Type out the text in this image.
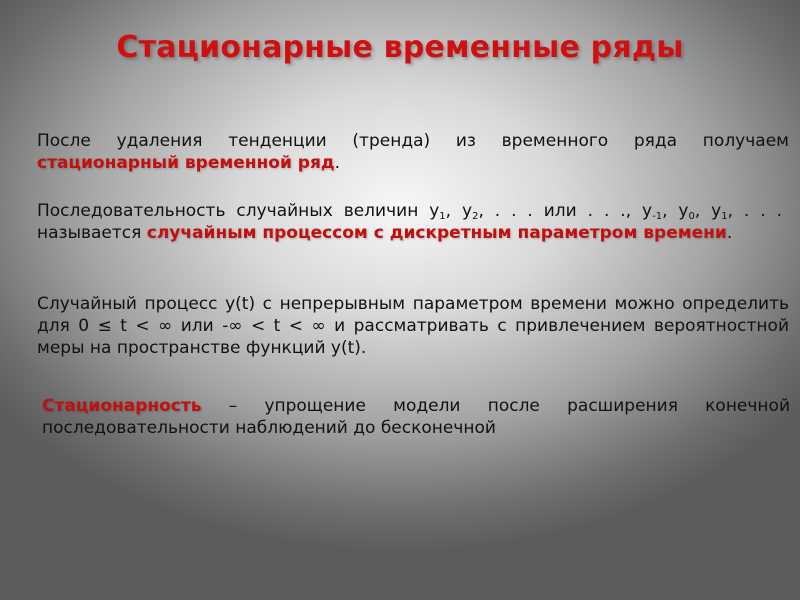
Стационарные временные ряды

После удаления тенденции (тренда) из временного ряда получаем стационарный временной ряд.

Последовательность случайных величин $y_1$, $y_2$, . . . или . . ., $y_{-1}$, $y_0$, $y_1$, . . . называется случайным процессом с дискретным параметром времени.

Случайный процесс y(t) с непрерывным параметром времени можно определить для 0 ≤ t < ∞ или -∞ < t < ∞ и рассматривать с привлечением вероятностной меры на пространстве функций y(t).

Стационарность – упрощение модели после расширения конечной последовательности наблюдений до бесконечной
